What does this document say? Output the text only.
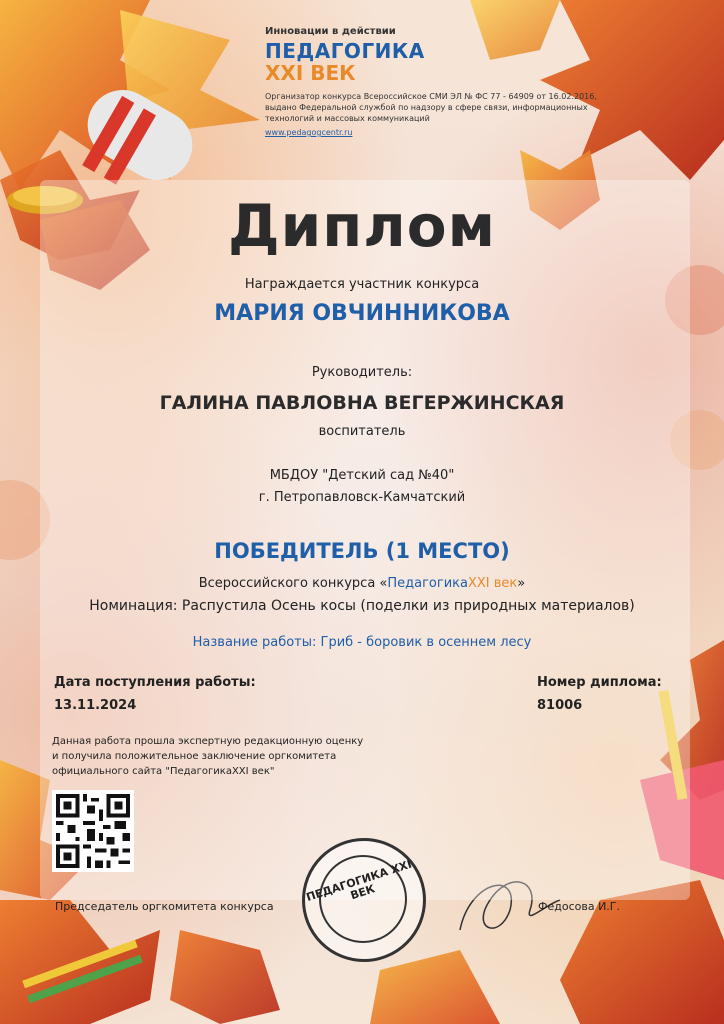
Инновации в действии
ПЕДАГОГИКА
XXI ВЕК
Организатор конкурса Всероссийское СМИ ЭЛ № ФС 77 - 64909 от 16.02.2016, выдано Федеральной службой по надзору в сфере связи, информационных технологий и массовых коммуникаций
www.pedagogcentr.ru
Диплом
Награждается участник конкурса
МАРИЯ ОВЧИННИКОВА
Руководитель:
ГАЛИНА ПАВЛОВНА ВЕГЕРЖИНСКАЯ
воспитатель
МБДОУ "Детский сад №40"
г. Петропавловск-Камчатский
ПОБЕДИТЕЛЬ (1 МЕСТО)
Всероссийского конкурса «ПедагогикаXXI век»
Номинация: Распустила Осень косы (поделки из природных материалов)
Название работы: Гриб - боровик в осеннем лесу
Дата поступления работы:
13.11.2024
Номер диплома:
81006
Данная работа прошла экспертную редакционную оценку
и получила положительное заключение оргкомитета
официального сайта "ПедагогикаXXI век"
Председатель оргкомитета конкурса
ПЕДАГОГИКА XXI ВЕК
Федосова И.Г.
